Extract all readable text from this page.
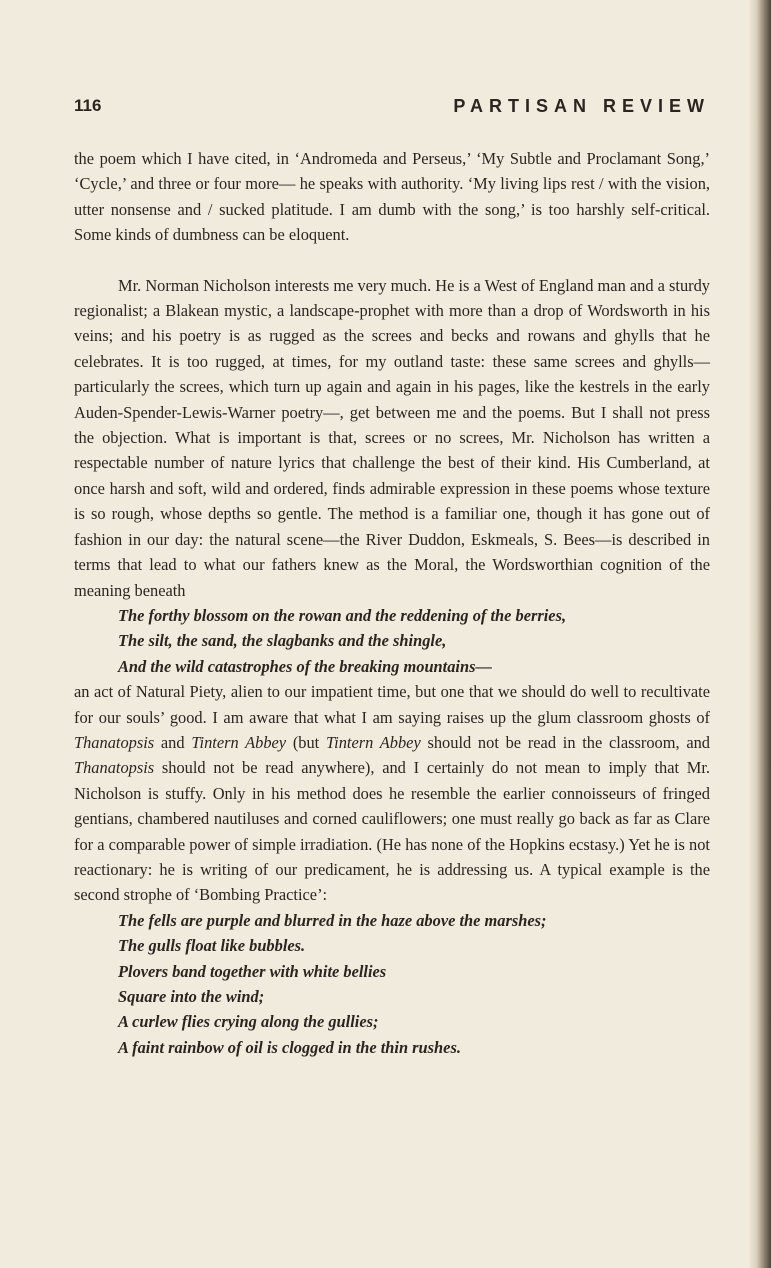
116	PARTISAN REVIEW

the poem which I have cited, in ‘Andromeda and Perseus,’ ‘My Subtle and Proclamant Song,’ ‘Cycle,’ and three or four more— he speaks with authority. ‘My living lips rest / with the vision, utter nonsense and / sucked platitude. I am dumb with the song,’ is too harshly self-critical. Some kinds of dumbness can be eloquent.

Mr. Norman Nicholson interests me very much. He is a West of England man and a sturdy regionalist; a Blakean mystic, a landscape-prophet with more than a drop of Wordsworth in his veins; and his poetry is as rugged as the screes and becks and rowans and ghylls that he celebrates. It is too rugged, at times, for my outland taste: these same screes and ghylls—particularly the screes, which turn up again and again in his pages, like the kestrels in the early Auden-Spender-Lewis-Warner poetry—, get between me and the poems. But I shall not press the objection. What is important is that, screes or no screes, Mr. Nicholson has written a respectable number of nature lyrics that challenge the best of their kind. His Cumberland, at once harsh and soft, wild and ordered, finds admirable expression in these poems whose texture is so rough, whose depths so gentle. The method is a familiar one, though it has gone out of fashion in our day: the natural scene—the River Duddon, Eskmeals, S. Bees—is described in terms that lead to what our fathers knew as the Moral, the Wordsworthian cognition of the meaning beneath

The forthy blossom on the rowan and the reddening of the berries,

The silt, the sand, the slagbanks and the shingle,

And the wild catastrophes of the breaking mountains—

an act of Natural Piety, alien to our impatient time, but one that we should do well to recultivate for our souls’ good. I am aware that what I am saying raises up the glum classroom ghosts of Thanatopsis and Tintern Abbey (but Tintern Abbey should not be read in the classroom, and Thanatopsis should not be read anywhere), and I certainly do not mean to imply that Mr. Nicholson is stuffy. Only in his method does he resemble the earlier connoisseurs of fringed gentians, chambered nautiluses and corned cauliflowers; one must really go back as far as Clare for a comparable power of simple irradiation. (He has none of the Hopkins ecstasy.) Yet he is not reactionary: he is writing of our predicament, he is addressing us. A typical example is the second strophe of ‘Bombing Practice’:

The fells are purple and blurred in the haze above the marshes;

The gulls float like bubbles.

Plovers band together with white bellies

Square into the wind;

A curlew flies crying along the gullies;

A faint rainbow of oil is clogged in the thin rushes.
